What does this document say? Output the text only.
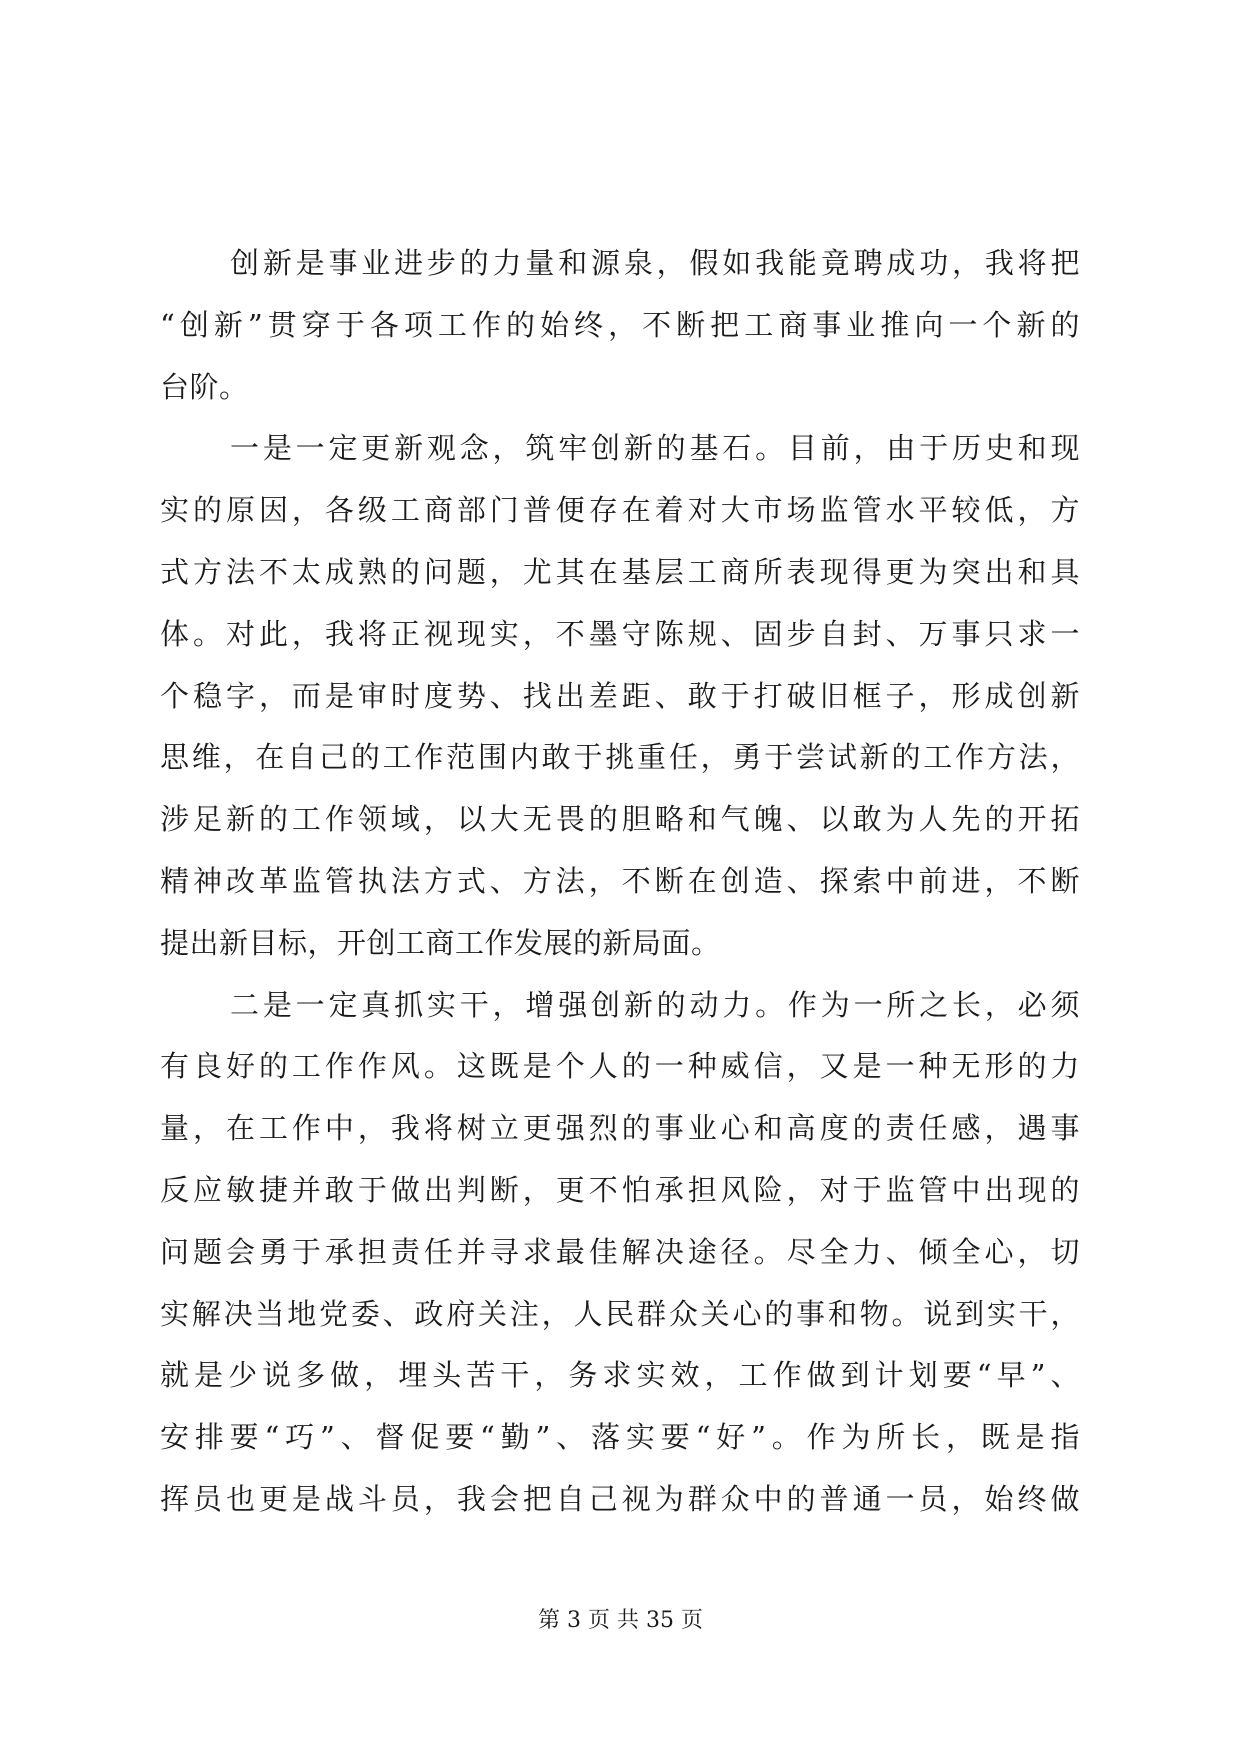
创新是事业进步的力量和源泉，假如我能竟聘成功，我将把
“创新”贯穿于各项工作的始终，不断把工商事业推向一个新的
台阶。
一是一定更新观念，筑牢创新的基石。目前，由于历史和现
实的原因，各级工商部门普便存在着对大市场监管水平较低，方
式方法不太成熟的问题，尤其在基层工商所表现得更为突出和具
体。对此，我将正视现实，不墨守陈规、固步自封、万事只求一
个稳字，而是审时度势、找出差距、敢于打破旧框子，形成创新
思维，在自己的工作范围内敢于挑重任，勇于尝试新的工作方法，
涉足新的工作领域，以大无畏的胆略和气魄、以敢为人先的开拓
精神改革监管执法方式、方法，不断在创造、探索中前进，不断
提出新目标，开创工商工作发展的新局面。
二是一定真抓实干，增强创新的动力。作为一所之长，必须
有良好的工作作风。这既是个人的一种威信，又是一种无形的力
量，在工作中，我将树立更强烈的事业心和高度的责任感，遇事
反应敏捷并敢于做出判断，更不怕承担风险，对于监管中出现的
问题会勇于承担责任并寻求最佳解决途径。尽全力、倾全心，切
实解决当地党委、政府关注，人民群众关心的事和物。说到实干，
就是少说多做，埋头苦干，务求实效，工作做到计划要“早”、
安排要“巧”、督促要“勤”、落实要“好”。作为所长，既是指
挥员也更是战斗员，我会把自己视为群众中的普通一员，始终做
第 3 页 共 35 页
